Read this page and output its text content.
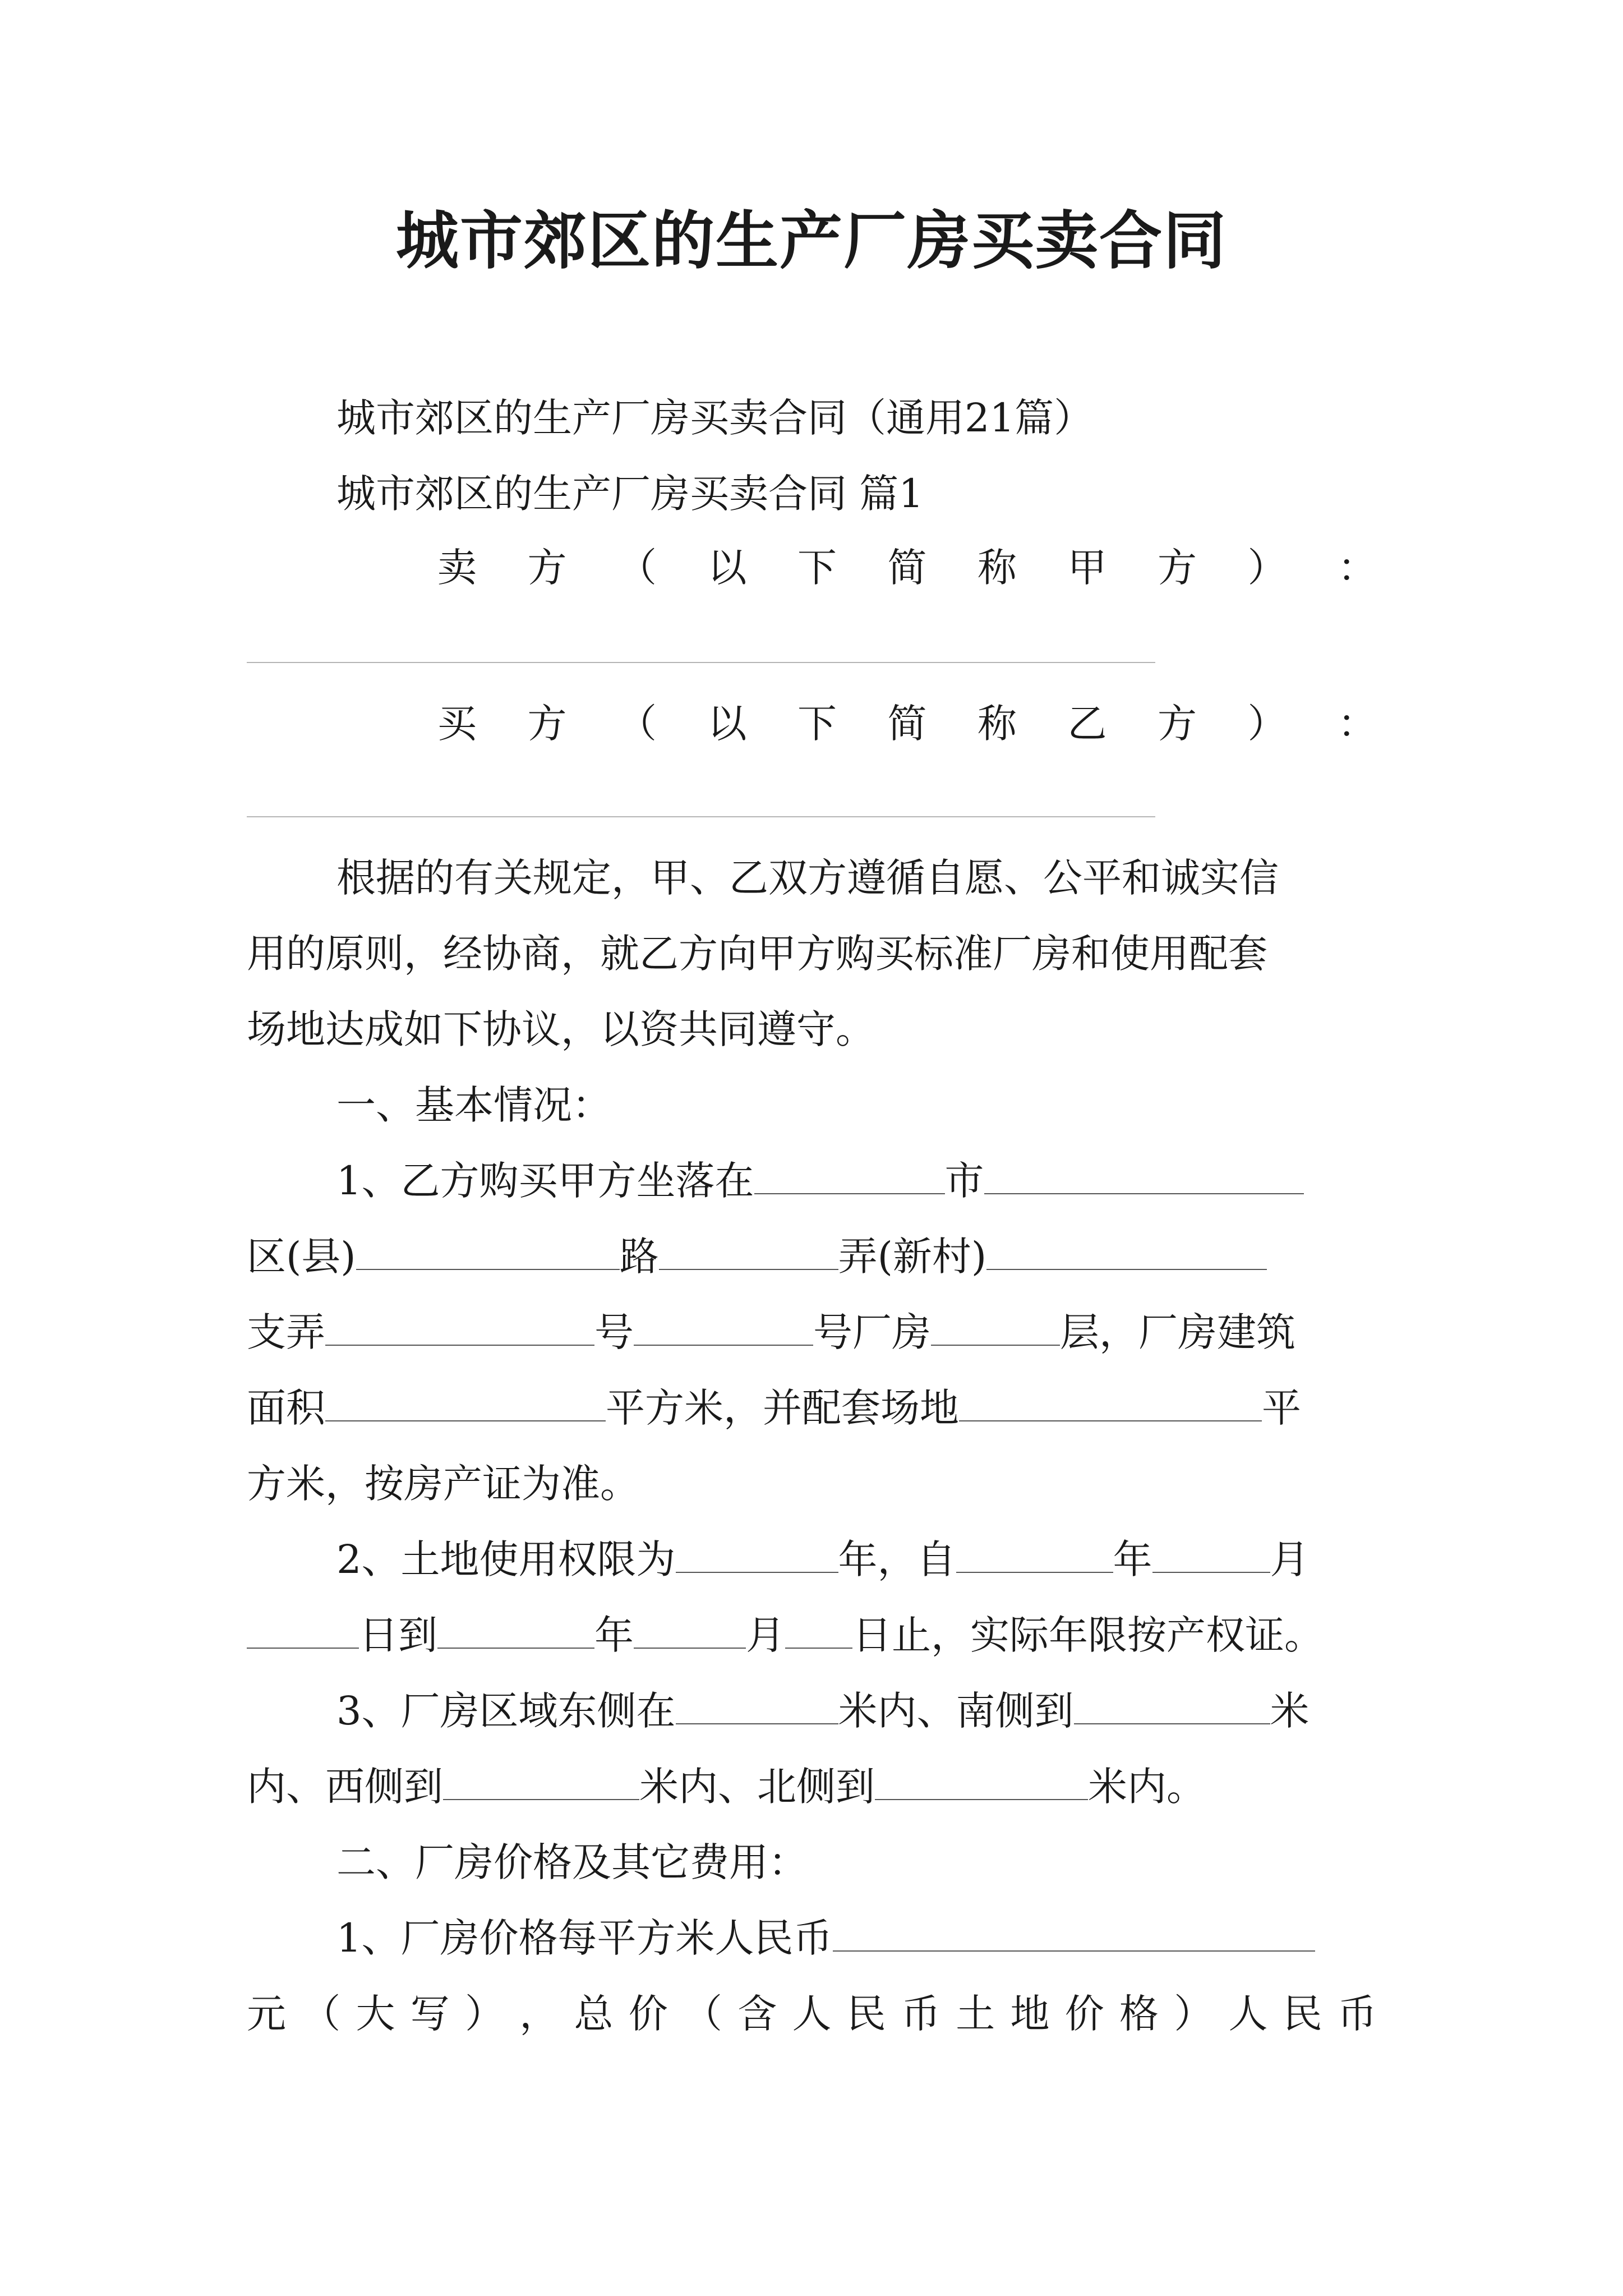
城市郊区的生产厂房买卖合同
城市郊区的生产厂房买卖合同（通用21篇）
城市郊区的生产厂房买卖合同 篇1
卖 方 （ 以 下 简 称 甲 方 ） ：
买 方 （ 以 下 简 称 乙 方 ） ：
根据的有关规定，甲、乙双方遵循自愿、公平和诚实信
用的原则，经协商，就乙方向甲方购买标准厂房和使用配套
场地达成如下协议，以资共同遵守。
一、基本情况：
1、乙方购买甲方坐落在	市
区(县)	路	弄(新村)
支弄	号	号厂房	层，厂房建筑
面积	平方米，并配套场地	平
方米，按房产证为准。
2、土地使用权限为	年，自	年	月
日到	年	月 日止，实际年限按产权证。
3、厂房区域东侧在	米内、南侧到	米
内、西侧到	米内、北侧到	米内。
二、厂房价格及其它费用：
1、厂房价格每平方米人民币
元 （ 大 写 ） ， 总 价 （ 含 人 民 币 土 地 价 格 ） 人 民 币
